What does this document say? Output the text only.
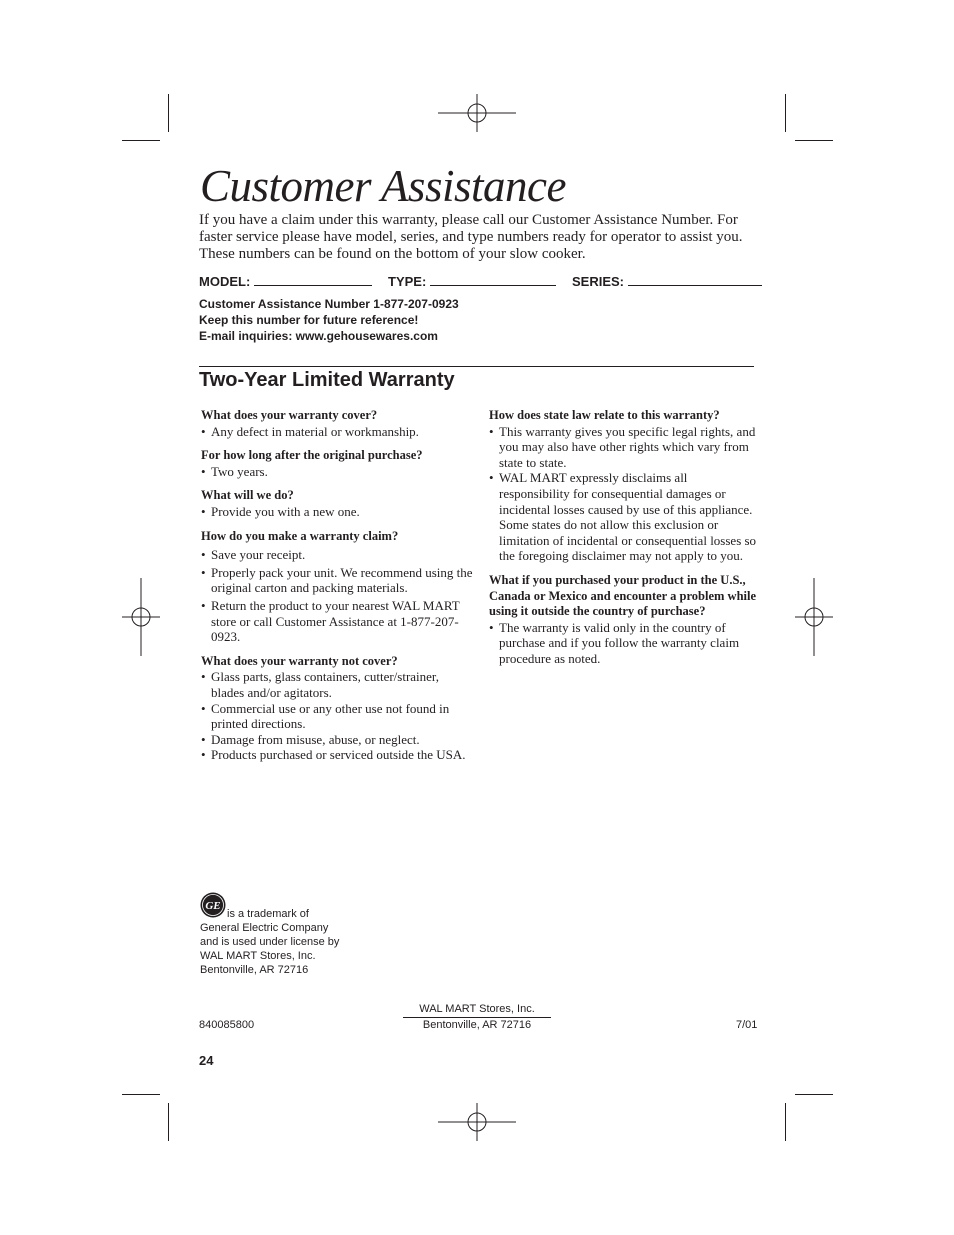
Customer Assistance

If you have a claim under this warranty, please call our Customer Assistance Number. For faster service please have model, series, and type numbers ready for operator to assist you. These numbers can be found on the bottom of your slow cooker.

MODEL:	TYPE:	SERIES:
Customer Assistance Number 1-877-207-0923
Keep this number for future reference!
E-mail inquiries: www.gehousewares.com
Two-Year Limited Warranty
What does your warranty cover?
• Any defect in material or workmanship.
For how long after the original purchase?
• Two years.
What will we do?
• Provide you with a new one.
How do you make a warranty claim?
• Save your receipt.
• Properly pack your unit. We recommend using the original carton and packing materials.
• Return the product to your nearest WAL MART store or call Customer Assistance at 1-877-207-0923.
What does your warranty not cover?
• Glass parts, glass containers, cutter/strainer, blades and/or agitators.
• Commercial use or any other use not found in printed directions.
• Damage from misuse, abuse, or neglect.
• Products purchased or serviced outside the USA.
How does state law relate to this warranty?
• This warranty gives you specific legal rights, and you may also have other rights which vary from state to state.
• WAL MART expressly disclaims all responsibility for consequential damages or incidental losses caused by use of this appliance. Some states do not allow this exclusion or limitation of incidental or consequential losses so the foregoing disclaimer may not apply to you.
What if you purchased your product in the U.S., Canada or Mexico and encounter a problem while using it outside the country of purchase?
• The warranty is valid only in the country of purchase and if you follow the warranty claim procedure as noted.
GE
is a trademark of
General Electric Company
and is used under license by
WAL MART Stores, Inc.
Bentonville, AR 72716
WAL MART Stores, Inc.
Bentonville, AR 72716
840085800	7/01
24
